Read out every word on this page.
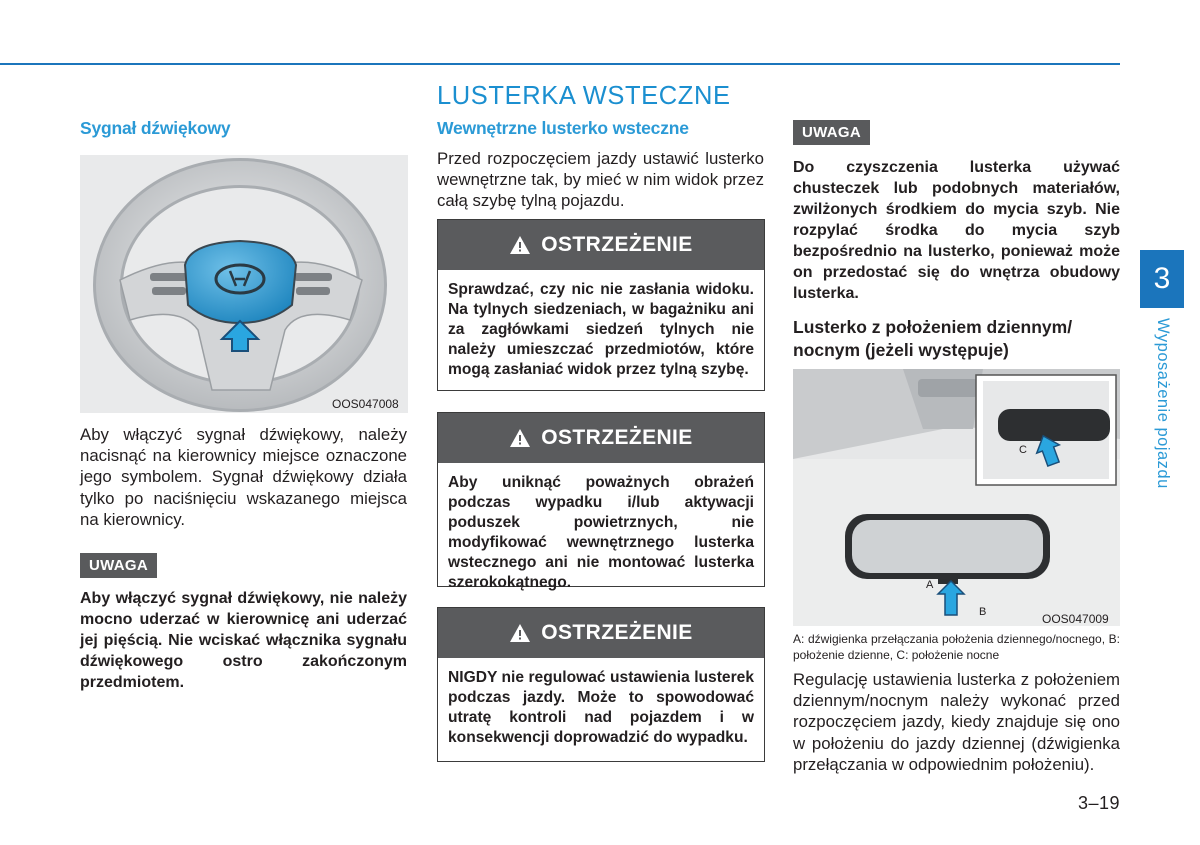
LUSTERKA WSTECZNE
Sygnał dźwiękowy
OOS047008
Aby włączyć sygnał dźwiękowy, należy nacisnąć na kierownicy miejsce oznaczone jego symbolem. Sygnał dźwiękowy działa tylko po naciśnięciu wskazanego miejsca na kierownicy.
UWAGA
Aby włączyć sygnał dźwiękowy, nie należy mocno uderzać w kierownicę ani uderzać jej pięścią. Nie wciskać włącznika sygnału dźwiękowego ostro zakończonym przedmiotem.
Wewnętrzne lusterko wsteczne
Przed rozpoczęciem jazdy ustawić lusterko wewnętrzne tak, by mieć w nim widok przez całą szybę tylną pojazdu.
OSTRZEŻENIE
Sprawdzać, czy nic nie zasłania widoku. Na tylnych siedzeniach, w bagażniku ani za zagłówkami siedzeń tylnych nie należy umieszczać przedmiotów, które mogą zasłaniać widok przez tylną szybę.
OSTRZEŻENIE
Aby uniknąć poważnych obrażeń podczas wypadku i/lub aktywacji poduszek powietrznych, nie modyfikować wewnętrznego lusterka wstecznego ani nie montować lusterka szerokokątnego.
OSTRZEŻENIE
NIGDY nie regulować ustawienia lusterek podczas jazdy. Może to spowodować utratę kontroli nad pojazdem i w konsekwencji doprowadzić do wypadku.
UWAGA
Do czyszczenia lusterka używać chusteczek lub podobnych materiałów, zwilżonych środkiem do mycia szyb. Nie rozpylać środka do mycia szyb bezpośrednio na lusterko, ponieważ może on przedostać się do wnętrza obudowy lusterka.
Lusterko z położeniem dziennym/ nocnym (jeżeli występuje)
C
A
B	OOS047009
A: dźwigienka przełączania położenia dziennego/nocnego, B: położenie dzienne, C: położenie nocne
Regulację ustawienia lusterka z położeniem dziennym/nocnym należy wykonać przed rozpoczęciem jazdy, kiedy znajduje się ono w położeniu do jazdy dziennej (dźwigienka przełączania w odpowiednim położeniu).
3
Wyposażenie pojazdu
3–19
